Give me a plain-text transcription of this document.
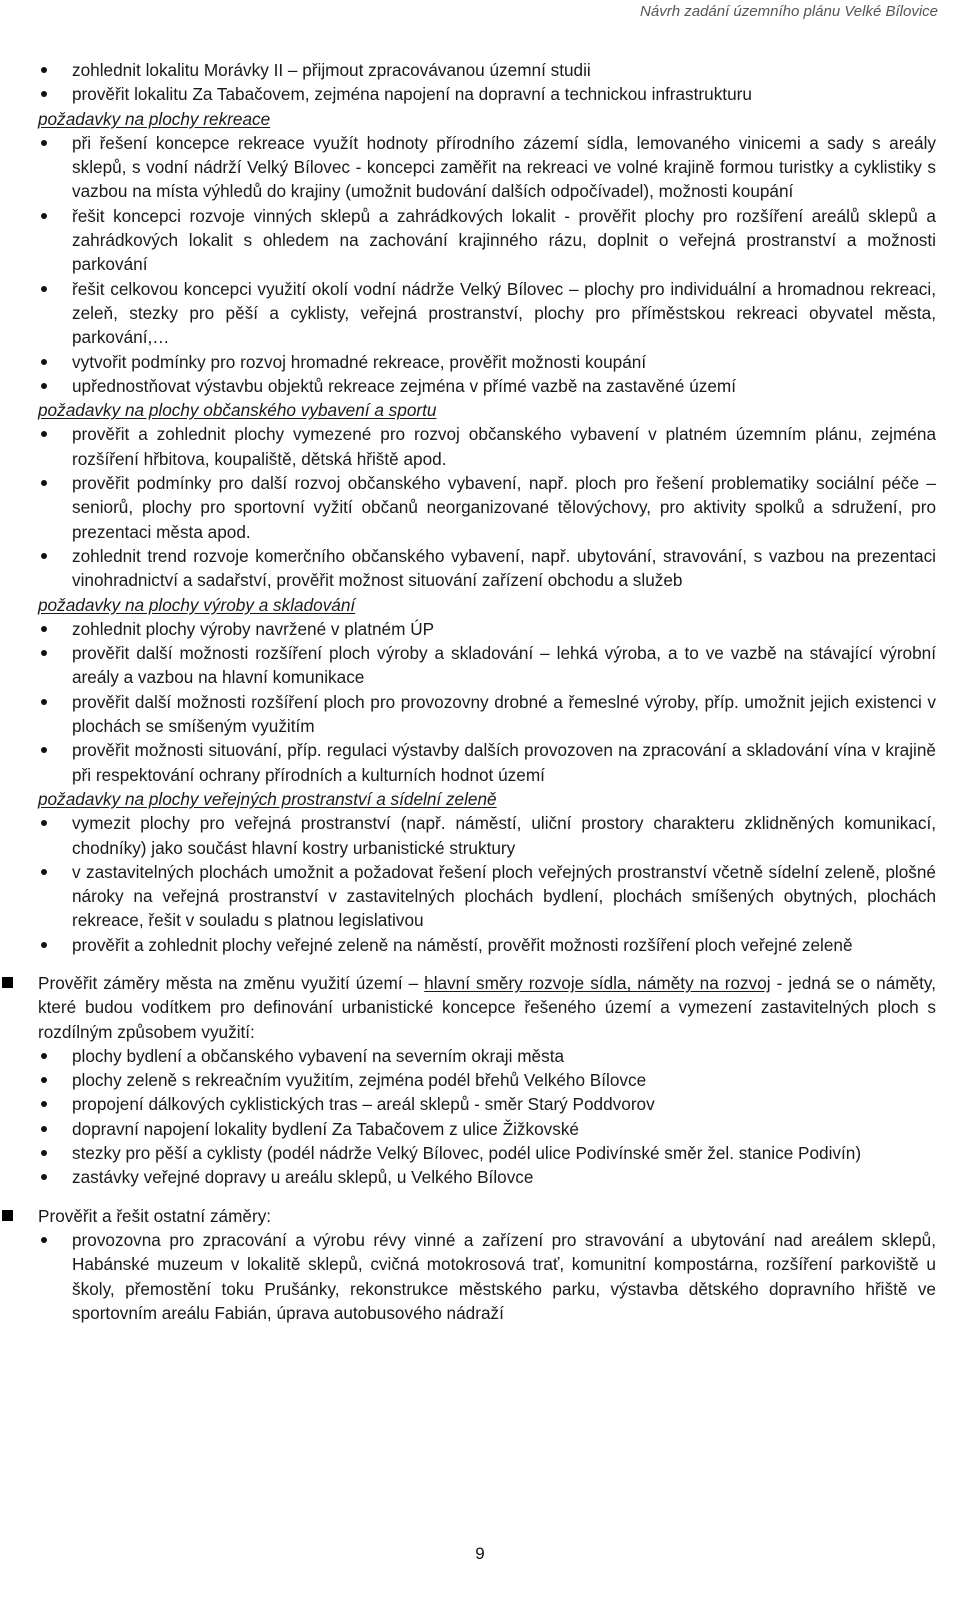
Návrh zadání územního plánu Velké Bílovice
zohlednit lokalitu Morávky II – přijmout zpracovávanou územní studii
prověřit lokalitu Za Tabačovem, zejména napojení na dopravní a technickou infrastrukturu
požadavky na plochy rekreace
při řešení koncepce rekreace využít hodnoty přírodního zázemí sídla, lemovaného vinicemi a sady s areály sklepů, s vodní nádrží Velký Bílovec - koncepci zaměřit na rekreaci ve volné krajině formou turistky a cyklistiky s vazbou na místa výhledů do krajiny (umožnit budování dalších odpočívadel), možnosti koupání
řešit koncepci rozvoje vinných sklepů a zahrádkových lokalit - prověřit plochy pro rozšíření areálů sklepů a zahrádkových lokalit s ohledem na zachování krajinného rázu, doplnit o veřejná prostranství a možnosti parkování
řešit celkovou koncepci využití okolí vodní nádrže Velký Bílovec – plochy pro individuální a hromadnou rekreaci, zeleň, stezky pro pěší a cyklisty, veřejná prostranství, plochy pro příměstskou rekreaci obyvatel města, parkování,…
vytvořit podmínky pro rozvoj hromadné rekreace, prověřit možnosti koupání
upřednostňovat výstavbu objektů rekreace zejména v přímé vazbě na zastavěné území
požadavky na plochy občanského vybavení a sportu
prověřit a zohlednit plochy vymezené pro rozvoj občanského vybavení v platném územním plánu, zejména rozšíření hřbitova, koupaliště, dětská hřiště apod.
prověřit podmínky pro další rozvoj občanského vybavení, např. ploch pro řešení problematiky sociální péče – seniorů, plochy pro sportovní vyžití občanů neorganizované tělovýchovy, pro aktivity spolků a sdružení, pro prezentaci města apod.
zohlednit trend rozvoje komerčního občanského vybavení, např. ubytování, stravování, s vazbou na prezentaci vinohradnictví a sadařství, prověřit možnost situování zařízení obchodu a služeb
požadavky na plochy výroby a skladování
zohlednit plochy výroby navržené v platném ÚP
prověřit další možnosti rozšíření ploch výroby a skladování – lehká výroba, a to ve vazbě na stávající výrobní areály a vazbou na hlavní komunikace
prověřit další možnosti rozšíření ploch pro provozovny drobné a řemeslné výroby, příp. umožnit jejich existenci v plochách se smíšeným využitím
prověřit možnosti situování, příp. regulaci výstavby dalších provozoven na zpracování a skladování vína v krajině při respektování ochrany přírodních a kulturních hodnot území
požadavky na plochy veřejných prostranství a sídelní zeleně
vymezit plochy pro veřejná prostranství (např. náměstí, uliční prostory charakteru zklidněných komunikací, chodníky) jako součást hlavní kostry urbanistické struktury
v zastavitelných plochách umožnit a požadovat řešení ploch veřejných prostranství včetně sídelní zeleně, plošné nároky na veřejná prostranství v zastavitelných plochách bydlení, plochách smíšených obytných, plochách rekreace, řešit v souladu s platnou legislativou
prověřit a zohlednit plochy veřejné zeleně na náměstí, prověřit možnosti rozšíření ploch veřejné zeleně
Prověřit záměry města na změnu využití území – hlavní směry rozvoje sídla, náměty na rozvoj - jedná se o náměty, které budou vodítkem pro definování urbanistické koncepce řešeného území a vymezení zastavitelných ploch s rozdílným způsobem využití:
plochy bydlení a občanského vybavení na severním okraji města
plochy zeleně s rekreačním využitím, zejména podél břehů Velkého Bílovce
propojení dálkových cyklistických tras – areál sklepů - směr Starý Poddvorov
dopravní napojení lokality bydlení Za Tabačovem z ulice Žižkovské
stezky pro pěší a cyklisty (podél nádrže Velký Bílovec, podél ulice Podivínské směr žel. stanice Podivín)
zastávky veřejné dopravy u areálu sklepů, u Velkého Bílovce
Prověřit a řešit ostatní záměry:
provozovna pro zpracování a výrobu révy vinné a zařízení pro stravování a ubytování nad areálem sklepů, Habánské muzeum v lokalitě sklepů, cvičná motokrosová trať, komunitní kompostárna, rozšíření parkoviště u školy, přemostění toku Prušánky, rekonstrukce městského parku, výstavba dětského dopravního hřiště ve sportovním areálu Fabián, úprava autobusového nádraží
9
